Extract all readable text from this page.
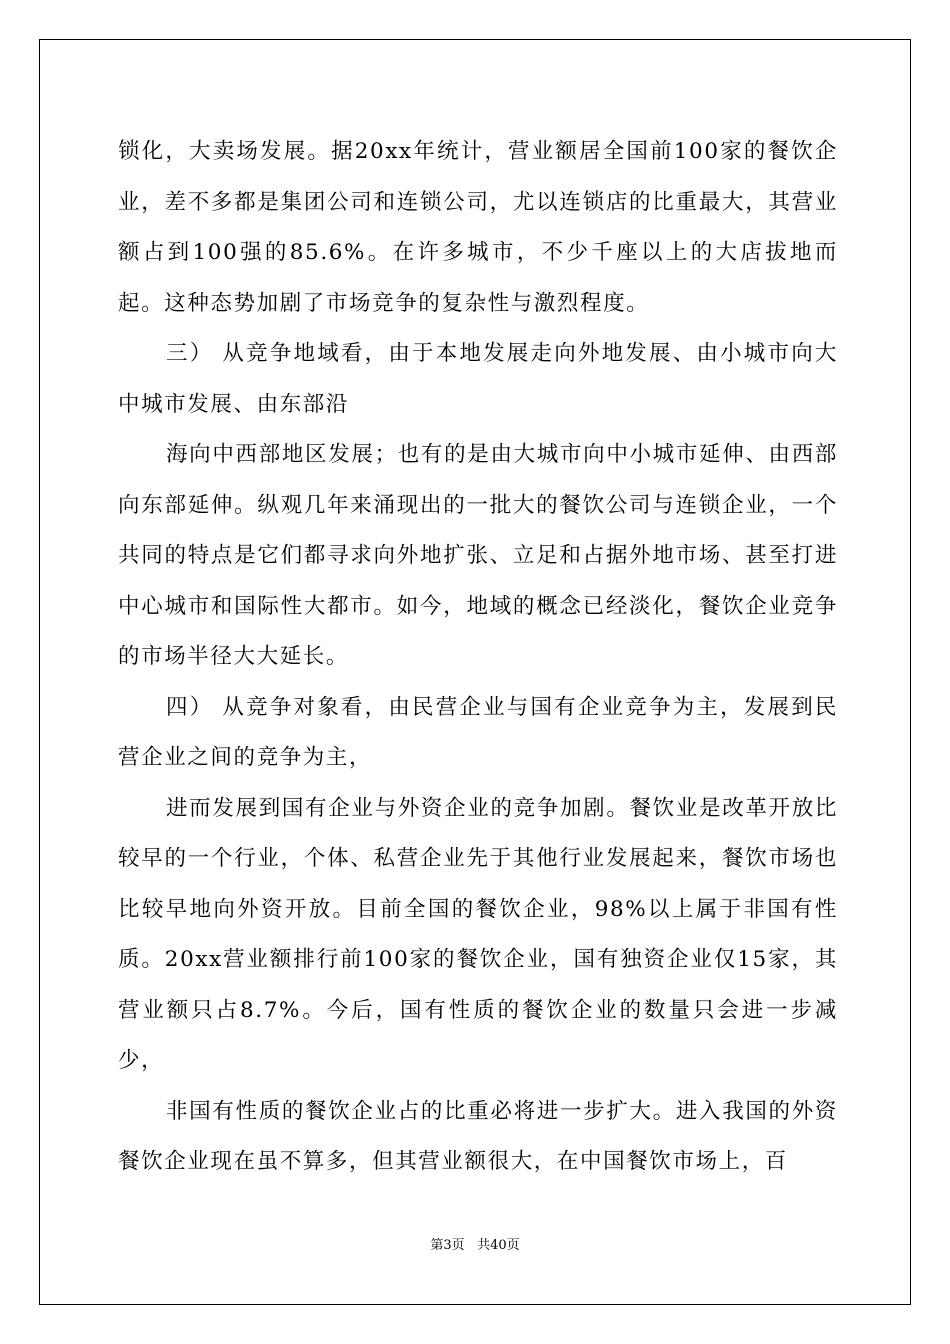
锁化，大卖场发展。据20xx年统计，营业额居全国前100家的餐饮企业，差不多都是集团公司和连锁公司，尤以连锁店的比重最大，其营业额占到100强的85.6%。在许多城市，不少千座以上的大店拔地而起。这种态势加剧了市场竞争的复杂性与激烈程度。

三） 从竞争地域看，由于本地发展走向外地发展、由小城市向大中城市发展、由东部沿

海向中西部地区发展；也有的是由大城市向中小城市延伸、由西部向东部延伸。纵观几年来涌现出的一批大的餐饮公司与连锁企业，一个共同的特点是它们都寻求向外地扩张、立足和占据外地市场、甚至打进中心城市和国际性大都市。如今，地域的概念已经淡化，餐饮企业竞争的市场半径大大延长。

四） 从竞争对象看，由民营企业与国有企业竞争为主，发展到民营企业之间的竞争为主，

进而发展到国有企业与外资企业的竞争加剧。餐饮业是改革开放比较早的一个行业，个体、私营企业先于其他行业发展起来，餐饮市场也比较早地向外资开放。目前全国的餐饮企业，98%以上属于非国有性质。20xx营业额排行前100家的餐饮企业，国有独资企业仅15家，其营业额只占8.7%。今后，国有性质的餐饮企业的数量只会进一步减少，

非国有性质的餐饮企业占的比重必将进一步扩大。进入我国的外资餐饮企业现在虽不算多，但其营业额很大，在中国餐饮市场上，百

第3页 共40页
